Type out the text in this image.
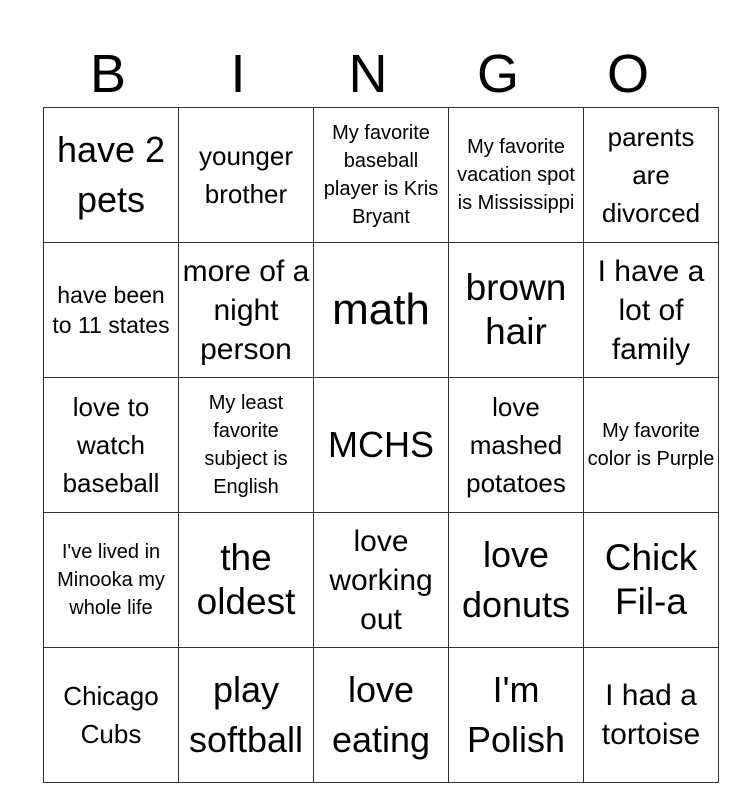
B	I	N	G	O
have 2 pets	younger brother	My favorite baseball player is Kris Bryant	My favorite vacation spot is Mississippi	parents are divorced

have been to 11 states	more of a night person	math	brown hair	I have a lot of family

love to watch baseball	My least favorite subject is English	MCHS	love mashed potatoes	My favorite color is Purple

I've lived in Minooka my whole life	the oldest	love working out	love donuts	Chick Fil-a

Chicago Cubs	play softball	love eating	I'm Polish	I had a tortoise
